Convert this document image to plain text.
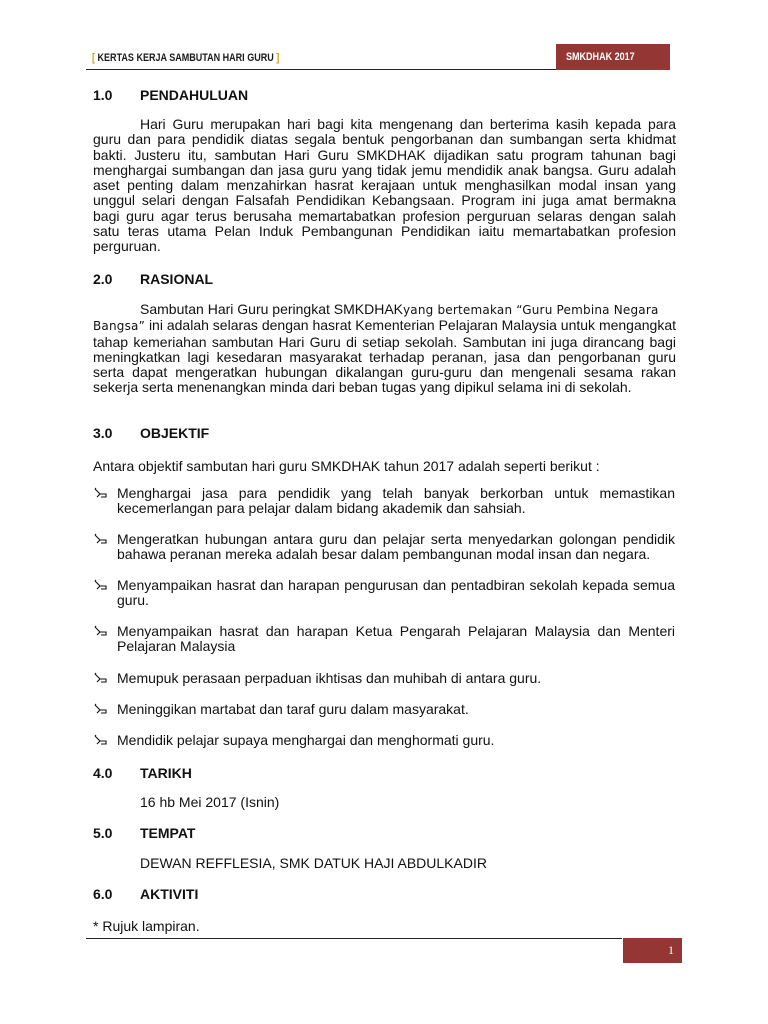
[ KERTAS KERJA SAMBUTAN HARI GURU ]	SMKDHAK 2017
1.0 PENDAHULUAN
Hari Guru merupakan hari bagi kita mengenang dan berterima kasih kepada para
guru dan para pendidik diatas segala bentuk pengorbanan dan sumbangan serta khidmat bakti. Justeru itu, sambutan Hari Guru SMKDHAK dijadikan satu program tahunan bagi menghargai sumbangan dan jasa guru yang tidak jemu mendidik anak bangsa. Guru adalah aset penting dalam menzahirkan hasrat kerajaan untuk menghasilkan modal insan yang unggul selari dengan Falsafah Pendidikan Kebangsaan. Program ini juga amat bermakna bagi guru agar terus berusaha memartabatkan profesion perguruan selaras dengan salah satu teras utama Pelan Induk Pembangunan Pendidikan iaitu memartabatkan profesion perguruan.
2.0 RASIONAL
Sambutan Hari Guru peringkat SMKDHAKyang bertemakan “Guru Pembina Negara
Bangsa” ini adalah selaras dengan hasrat Kementerian Pelajaran Malaysia untuk mengangkat tahap kemeriahan sambutan Hari Guru di setiap sekolah. Sambutan ini juga dirancang bagi meningkatkan lagi kesedaran masyarakat terhadap peranan, jasa dan pengorbanan guru serta dapat mengeratkan hubungan dikalangan guru-guru dan mengenali sesama rakan sekerja serta menenangkan minda dari beban tugas yang dipikul selama ini di sekolah.
3.0 OBJEKTIF
Antara objektif sambutan hari guru SMKDHAK tahun 2017 adalah seperti berikut :
Menghargai jasa para pendidik yang telah banyak berkorban untuk memastikan kecemerlangan para pelajar dalam bidang akademik dan sahsiah.
Mengeratkan hubungan antara guru dan pelajar serta menyedarkan golongan pendidik bahawa peranan mereka adalah besar dalam pembangunan modal insan dan negara.
Menyampaikan hasrat dan harapan pengurusan dan pentadbiran sekolah kepada semua guru.
Menyampaikan hasrat dan harapan Ketua Pengarah Pelajaran Malaysia dan Menteri Pelajaran Malaysia
Memupuk perasaan perpaduan ikhtisas dan muhibah di antara guru.
Meninggikan martabat dan taraf guru dalam masyarakat.
Mendidik pelajar supaya menghargai dan menghormati guru.
4.0 TARIKH
16 hb Mei 2017 (Isnin)
5.0 TEMPAT
DEWAN REFFLESIA, SMK DATUK HAJI ABDULKADIR
6.0 AKTIVITI
* Rujuk lampiran.
1
